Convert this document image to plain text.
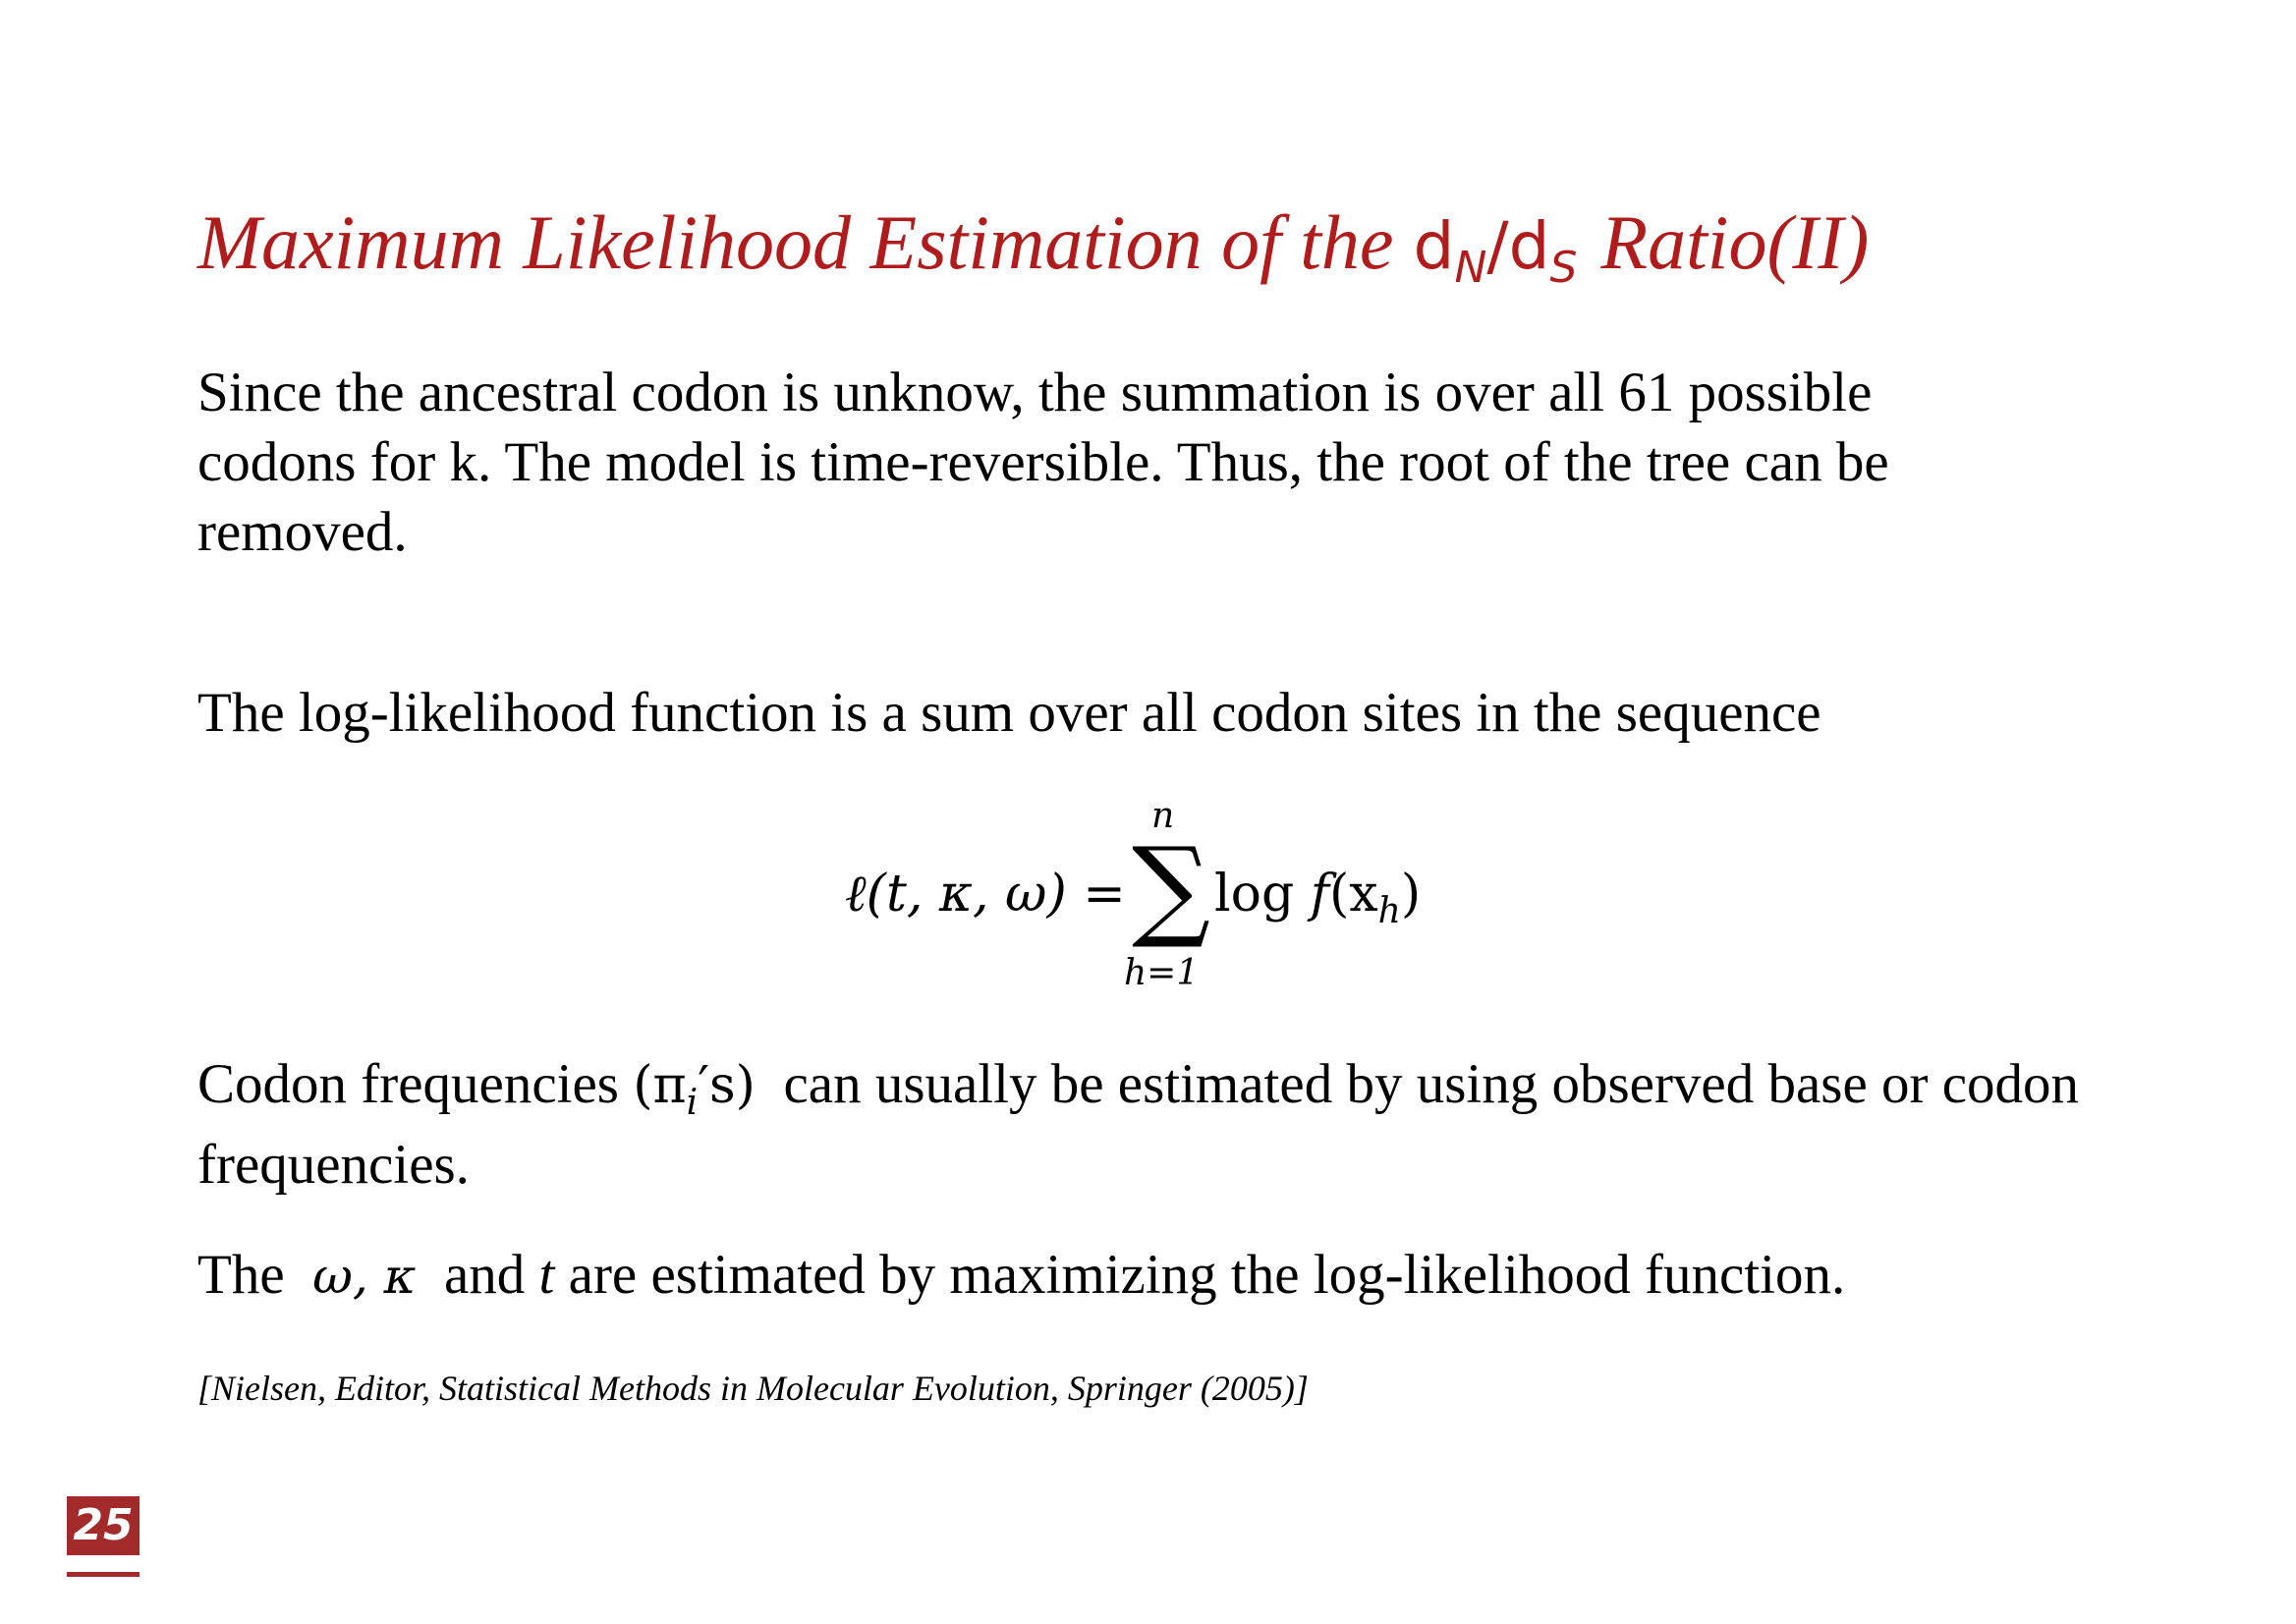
Maximum Likelihood Estimation of the $d_N/d_S$ Ratio(II)
Since the ancestral codon is unknow, the summation is over all 61 possible
codons for k. The model is time-reversible. Thus, the root of the tree can be
removed.
The log-likelihood function is a sum over all codon sites in the sequence
ℓ(t, κ, ω) =
n
∑
h=1
$\log f(x_h)$
Codon frequencies $(\pi_i's)$ can usually be estimated by using observed base or codon
frequencies.
The ω, κ and t are estimated by maximizing the log-likelihood function.
[Nielsen, Editor, Statistical Methods in Molecular Evolution, Springer (2005)]
25
